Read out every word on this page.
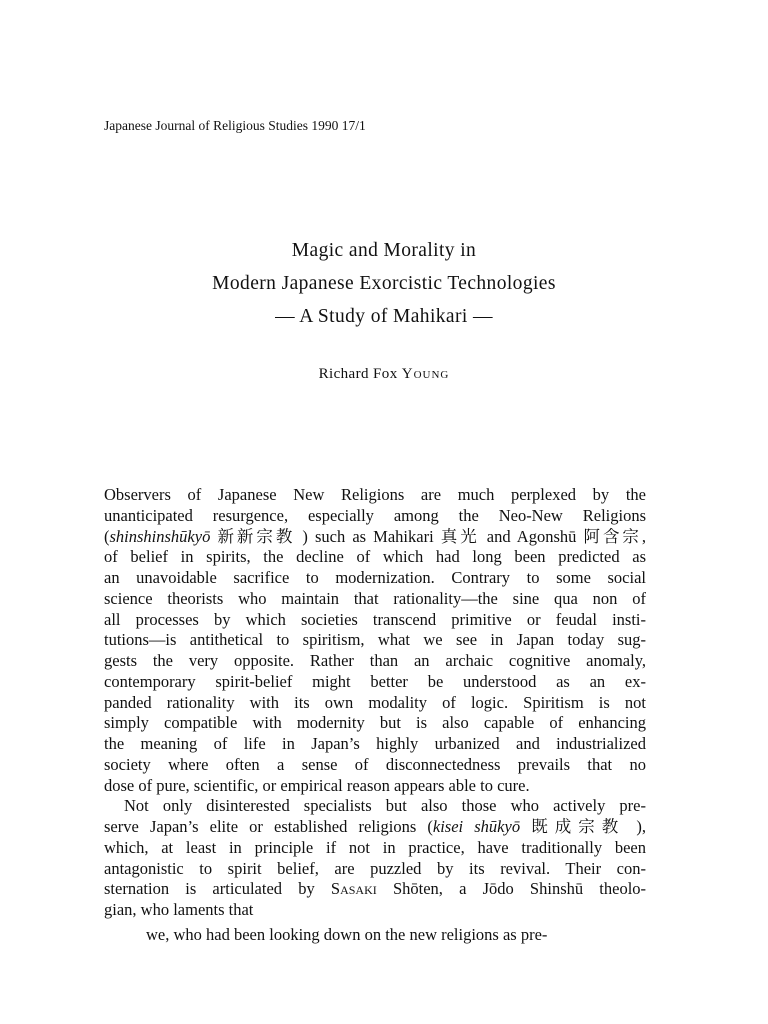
Japanese Journal of Religious Studies 1990 17/1
Magic and Morality in
Modern Japanese Exorcistic Technologies
— A Study of Mahikari —
Richard Fox Young
Observers of Japanese New Religions are much perplexed by the
unanticipated resurgence, especially among the Neo-New Religions
(shinshinshūkyō 新新宗教 ) such as Mahikari 真光 and Agonshū 阿含宗,
of belief in spirits, the decline of which had long been predicted as
an unavoidable sacrifice to modernization. Contrary to some social
science theorists who maintain that rationality—the sine qua non of
all processes by which societies transcend primitive or feudal insti-
tutions—is antithetical to spiritism, what we see in Japan today sug-
gests the very opposite. Rather than an archaic cognitive anomaly,
contemporary spirit-belief might better be understood as an ex-
panded rationality with its own modality of logic. Spiritism is not
simply compatible with modernity but is also capable of enhancing
the meaning of life in Japan’s highly urbanized and industrialized
society where often a sense of disconnectedness prevails that no
dose of pure, scientific, or empirical reason appears able to cure.
Not only disinterested specialists but also those who actively pre-
serve Japan’s elite or established religions (kisei shūkyō 既成宗教 ),
which, at least in principle if not in practice, have traditionally been
antagonistic to spirit belief, are puzzled by its revival. Their con-
sternation is articulated by Sasaki Shōten, a Jōdo Shinshū theolo-
gian, who laments that
we, who had been looking down on the new religions as pre-
